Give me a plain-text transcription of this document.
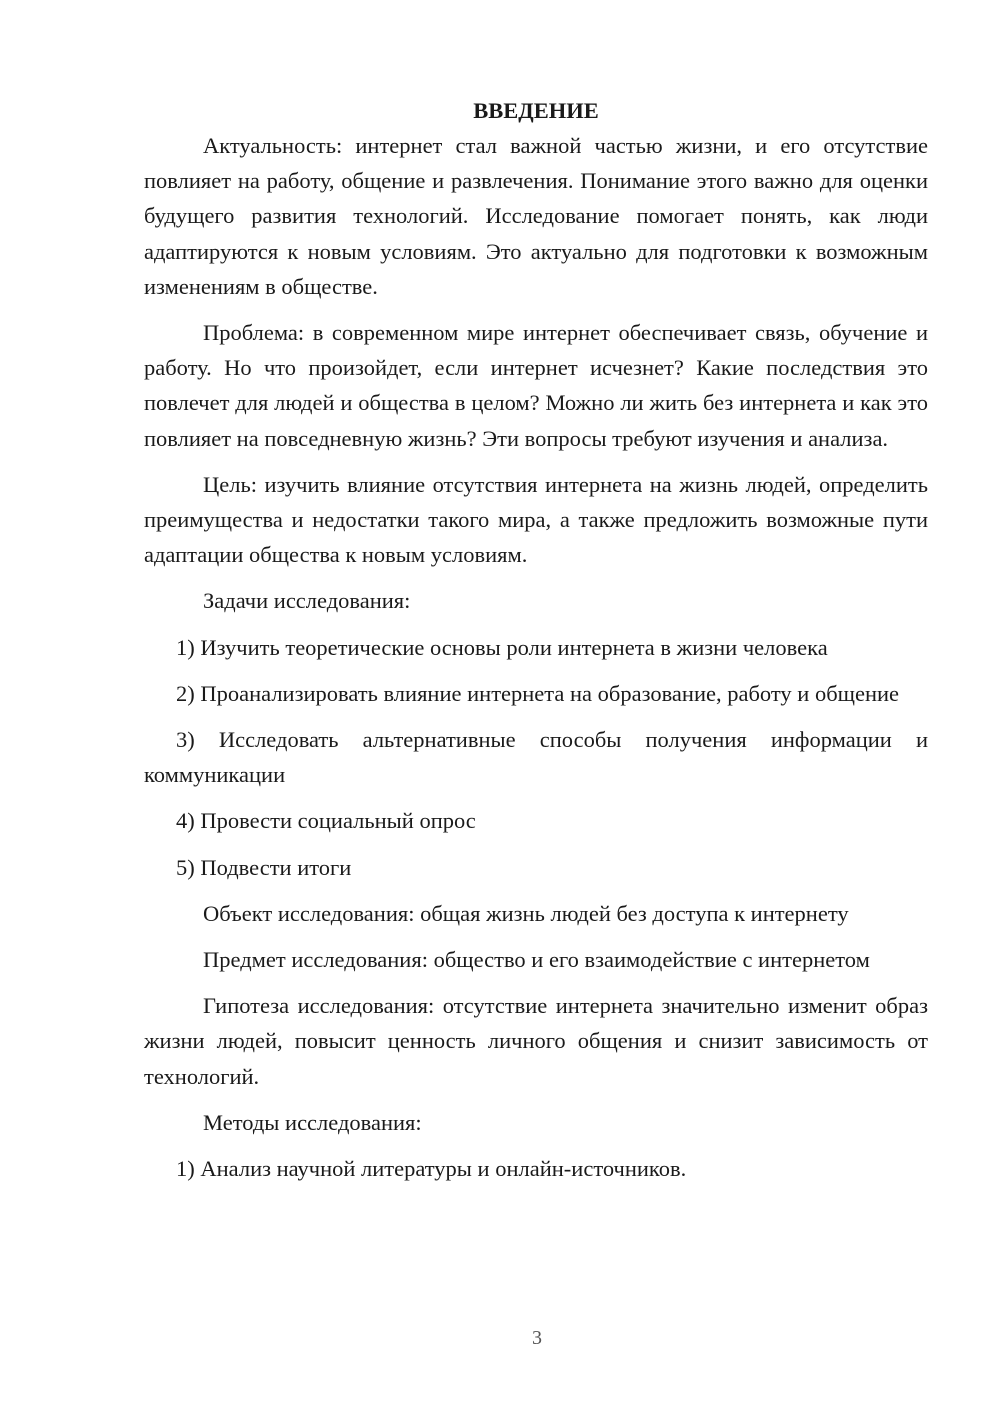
ВВЕДЕНИЕ

Актуальность: интернет стал важной частью жизни, и его отсутствие повлияет на работу, общение и развлечения. Понимание этого важно для оценки будущего развития технологий. Исследование помогает понять, как люди адаптируются к новым условиям. Это актуально для подготовки к возможным изменениям в обществе.

Проблема: в современном мире интернет обеспечивает связь, обучение и работу. Но что произойдет, если интернет исчезнет? Какие последствия это повлечет для людей и общества в целом? Можно ли жить без интернета и как это повлияет на повседневную жизнь? Эти вопросы требуют изучения и анализа.

Цель: изучить влияние отсутствия интернета на жизнь людей, определить преимущества и недостатки такого мира, а также предложить возможные пути адаптации общества к новым условиям.

Задачи исследования:

1) Изучить теоретические основы роли интернета в жизни человека

2) Проанализировать влияние интернета на образование, работу и общение

3) Исследовать альтернативные способы получения информации и коммуникации

4) Провести социальный опрос

5) Подвести итоги

Объект исследования: общая жизнь людей без доступа к интернету

Предмет исследования: общество и его взаимодействие с интернетом

Гипотеза исследования: отсутствие интернета значительно изменит образ жизни людей, повысит ценность личного общения и снизит зависимость от технологий.

Методы исследования:

1) Анализ научной литературы и онлайн-источников.

3
